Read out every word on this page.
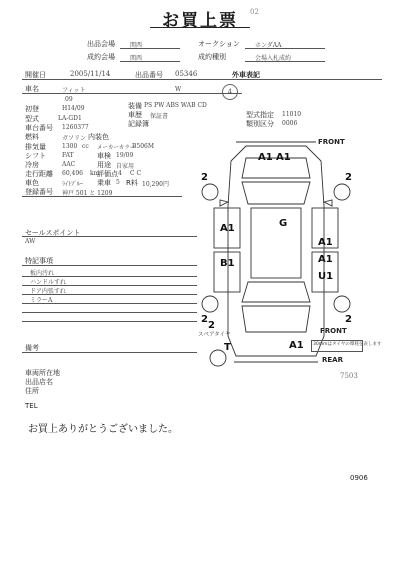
お買上票	02
出品会場	関西
成約会場	関西
オークション	ホンダAA
成約種別	会場入札成約
開催日	2005/11/14	出品番号 05346	外車表記
車名	フィット	W	4
09
初登	H14/09
型式	LA-GD1
車台番号 1260377
燃料	ガソリン 内装色
排気量	1300 cc メーカーカラー
B506M
シフト	FAT	車検 19/09
冷房	AAC	用途 自家用
走行距離 60,496 km
評価点 4 C C
車色	ﾗｲﾄﾌﾞﾙｰ 乗車 5 R料 10,290円
登録番号 神戸 501 と 1209
装備 PS PW ABS WAB CD
車歴 保証書
記録簿
型式指定 11010
類別区分 0006
セールスポイント
AW
特記事項
板内汚れ
ハンドルすれ
ドア内張すれ
ミラーA
備考
車両所在地
出品店名
住所
TEL
お買上ありがとうございました。
0906
7503
FRONT
FRONT
REAR
スペアタイヤ
30mmはタイヤの摩耗を表します
A1 A1
G
A1
B1
A1
A1
U1
A1
T
2	2
2	2
2
